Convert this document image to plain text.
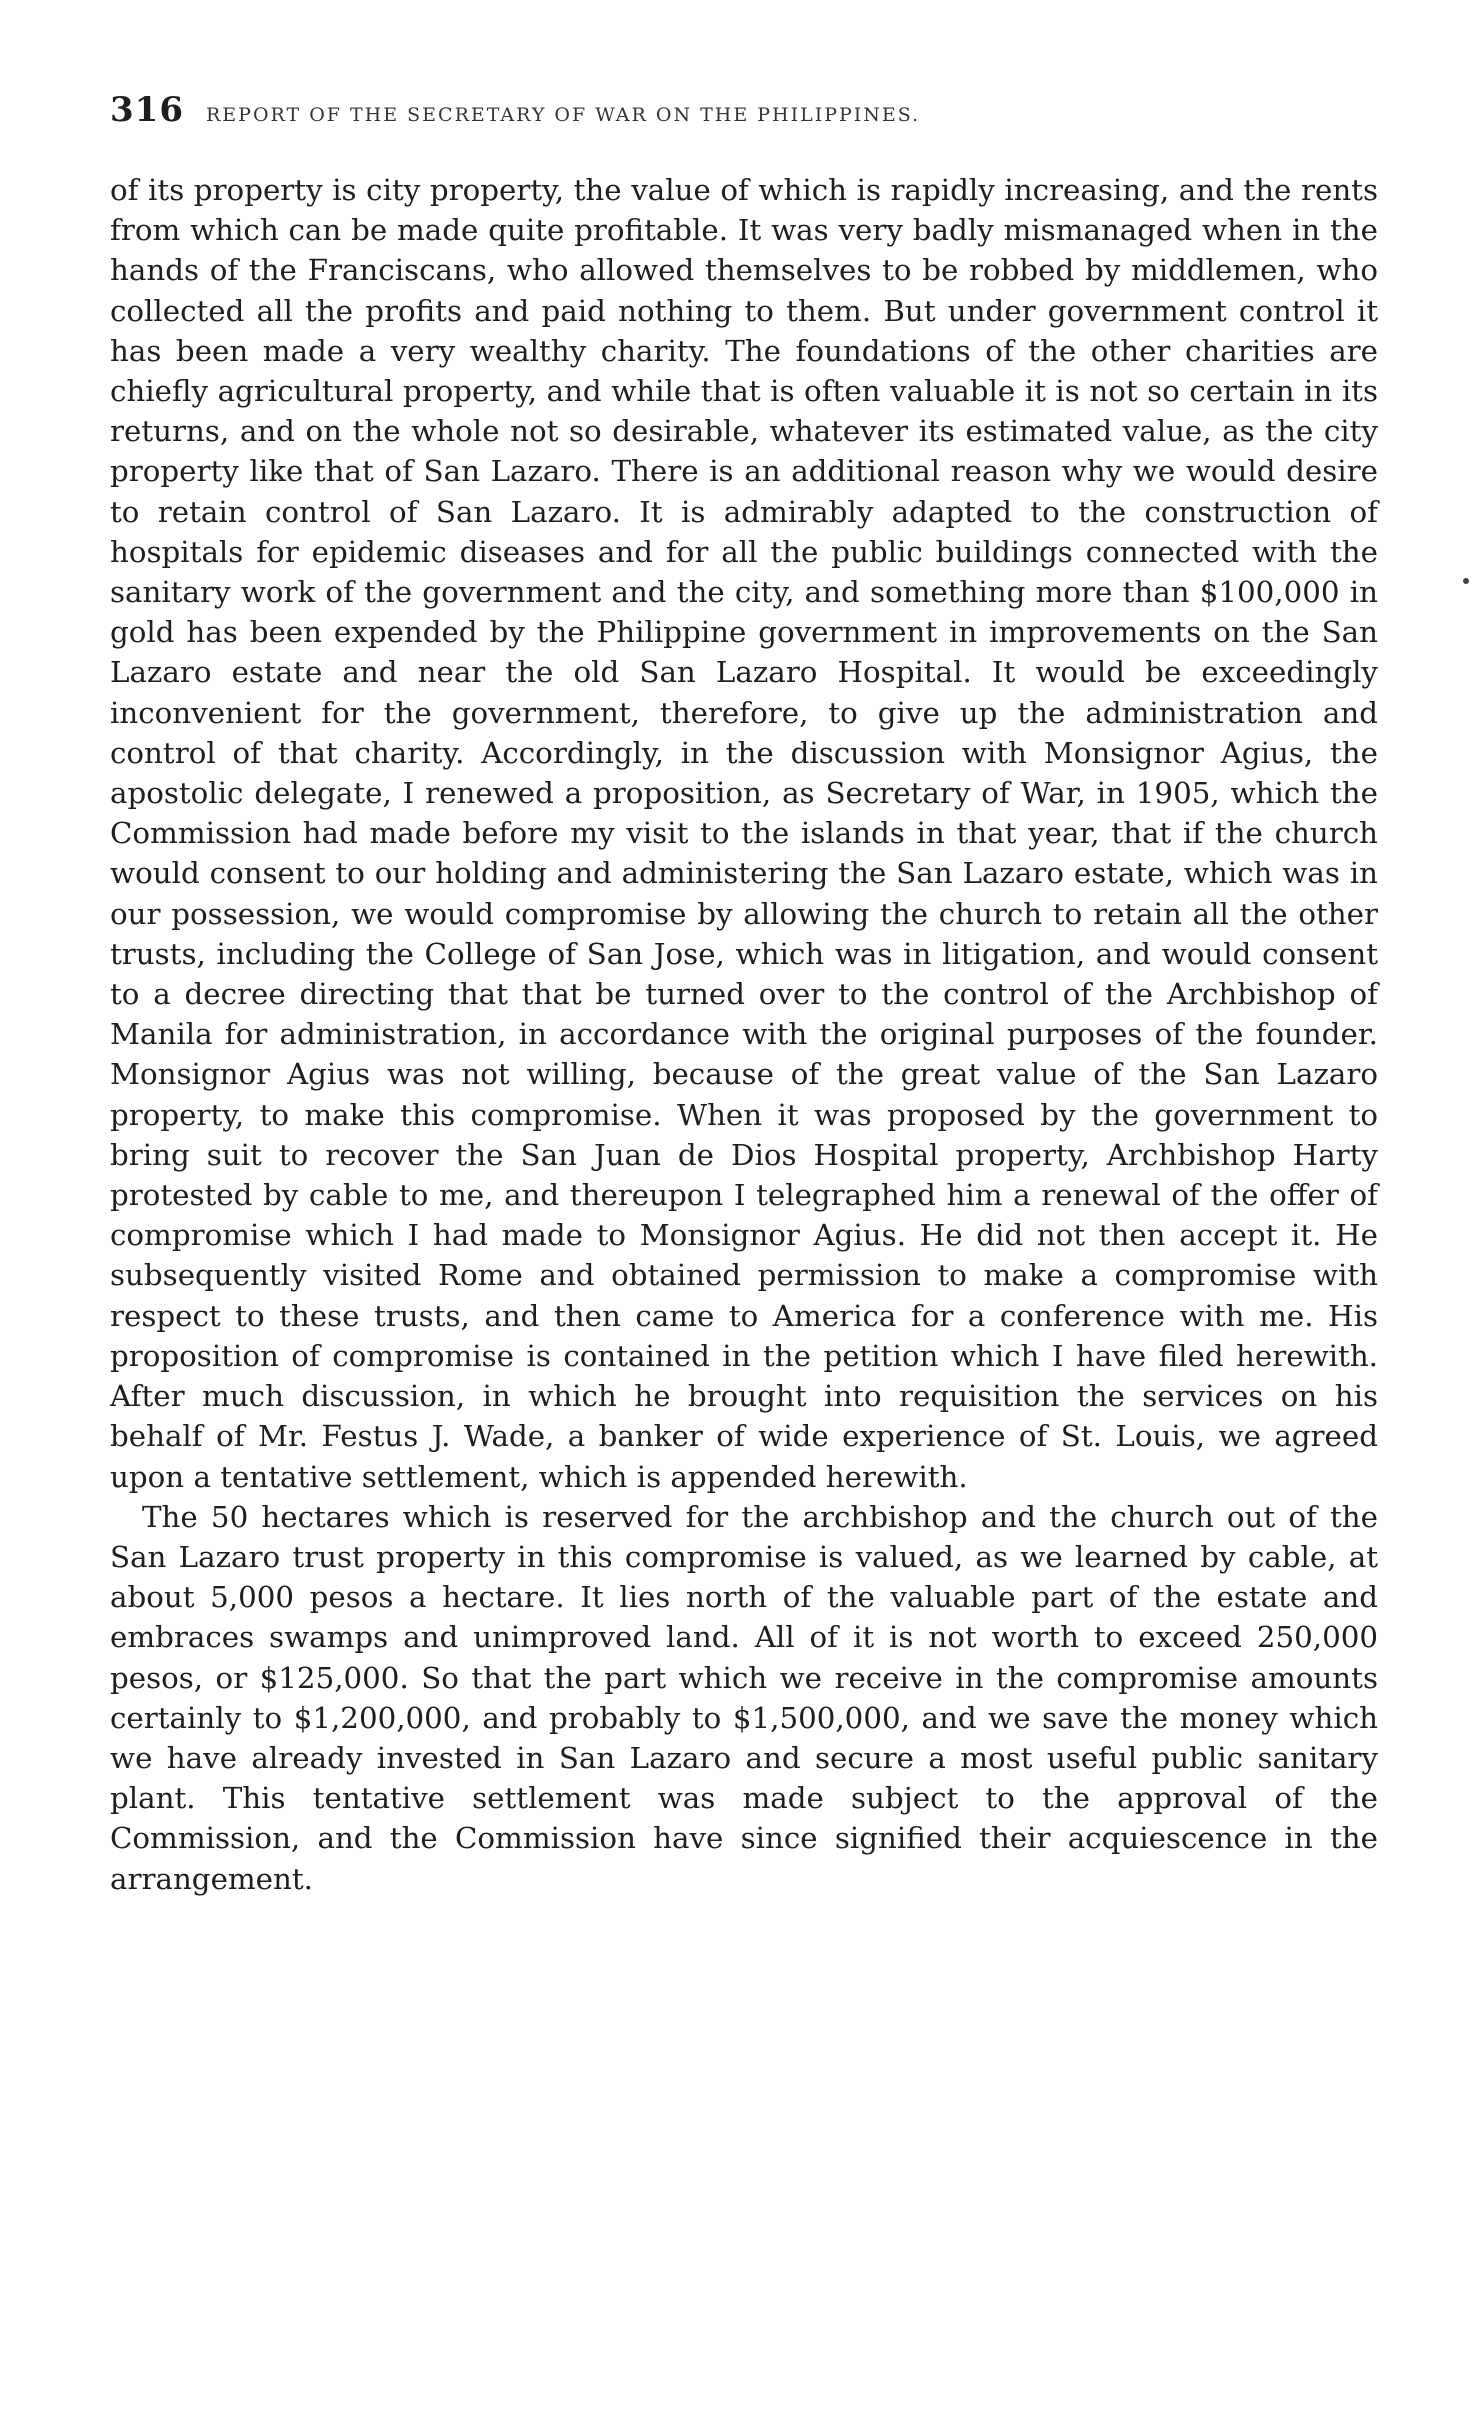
316 REPORT OF THE SECRETARY OF WAR ON THE PHILIPPINES.

of its property is city property, the value of which is rapidly increasing, and the rents from which can be made quite profitable. It was very badly mismanaged when in the hands of the Franciscans, who allowed themselves to be robbed by middlemen, who collected all the profits and paid nothing to them. But under government control it has been made a very wealthy charity. The foundations of the other charities are chiefly agricultural property, and while that is often valuable it is not so certain in its returns, and on the whole not so desirable, whatever its estimated value, as the city property like that of San Lazaro. There is an additional reason why we would desire to retain control of San Lazaro. It is admirably adapted to the construction of hospitals for epidemic diseases and for all the public buildings connected with the sanitary work of the government and the city, and something more than $100,000 in gold has been expended by the Philippine government in improvements on the San Lazaro estate and near the old San Lazaro Hospital. It would be exceedingly inconvenient for the government, therefore, to give up the administration and control of that charity. Accordingly, in the discussion with Monsignor Agius, the apostolic delegate, I renewed a proposition, as Secretary of War, in 1905, which the Commission had made before my visit to the islands in that year, that if the church would consent to our holding and administering the San Lazaro estate, which was in our possession, we would compromise by allowing the church to retain all the other trusts, including the College of San Jose, which was in litigation, and would consent to a decree directing that that be turned over to the control of the Archbishop of Manila for administration, in accordance with the original purposes of the founder. Monsignor Agius was not willing, because of the great value of the San Lazaro property, to make this compromise. When it was proposed by the government to bring suit to recover the San Juan de Dios Hospital property, Archbishop Harty protested by cable to me, and thereupon I telegraphed him a renewal of the offer of compromise which I had made to Monsignor Agius. He did not then accept it. He subsequently visited Rome and obtained permission to make a compromise with respect to these trusts, and then came to America for a conference with me. His proposition of compromise is contained in the petition which I have filed herewith. After much discussion, in which he brought into requisition the services on his behalf of Mr. Festus J. Wade, a banker of wide experience of St. Louis, we agreed upon a tentative settlement, which is appended herewith.

The 50 hectares which is reserved for the archbishop and the church out of the San Lazaro trust property in this compromise is valued, as we learned by cable, at about 5,000 pesos a hectare. It lies north of the valuable part of the estate and embraces swamps and unimproved land. All of it is not worth to exceed 250,000 pesos, or $125,000. So that the part which we receive in the compromise amounts certainly to $1,200,000, and probably to $1,500,000, and we save the money which we have already invested in San Lazaro and secure a most useful public sanitary plant. This tentative settlement was made subject to the approval of the Commission, and the Commission have since signified their acquiescence in the arrangement.
